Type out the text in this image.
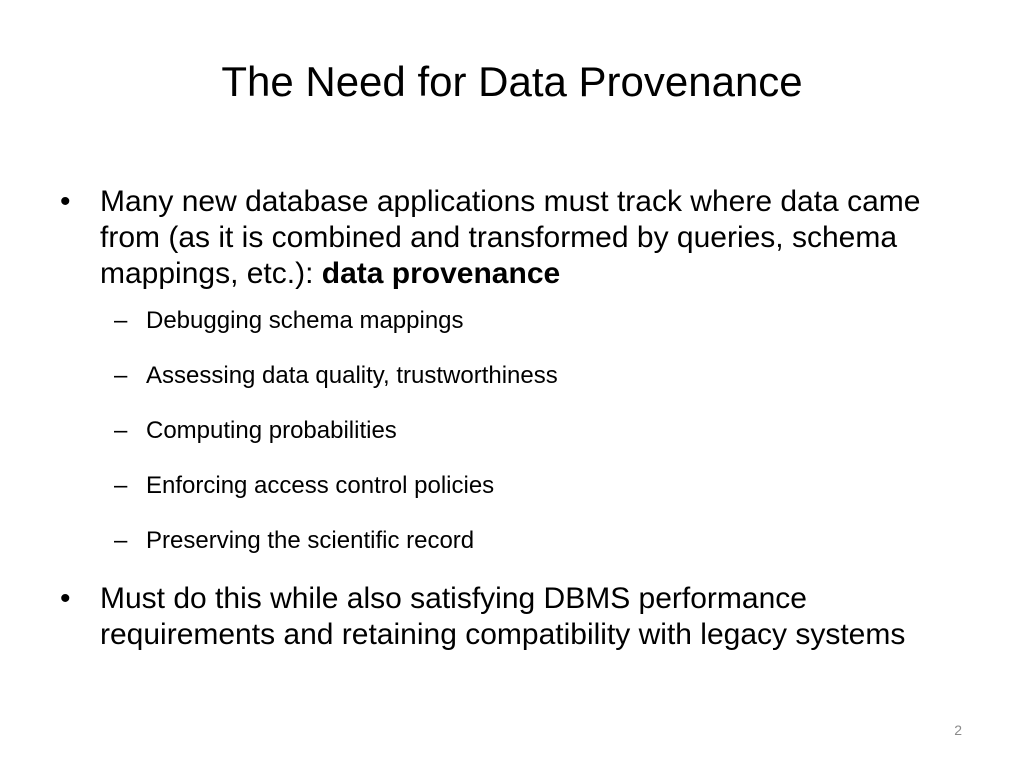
The Need for Data Provenance
• Many new database applications must track where data came from (as it is combined and transformed by queries, schema mappings, etc.): data provenance
– Debugging schema mappings
– Assessing data quality, trustworthiness
– Computing probabilities
– Enforcing access control policies
– Preserving the scientific record
• Must do this while also satisfying DBMS performance requirements and retaining compatibility with legacy systems
2
